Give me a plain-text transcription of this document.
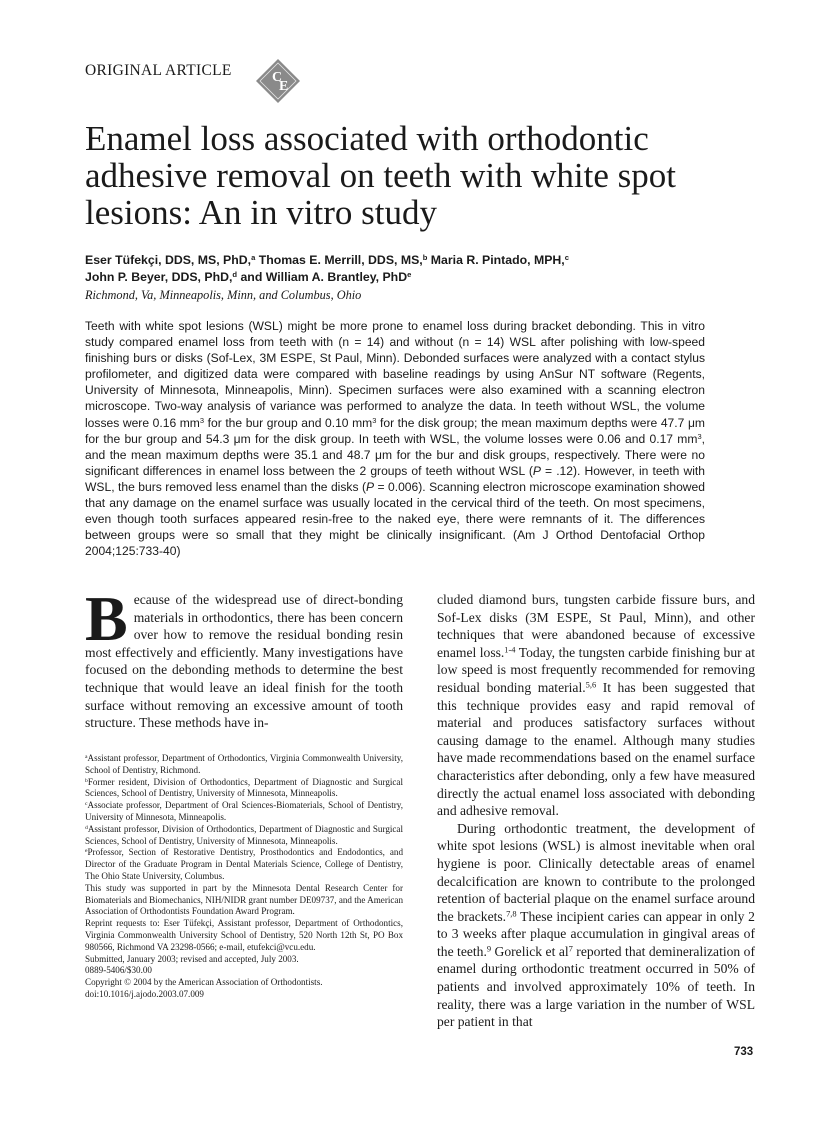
ORIGINAL ARTICLE	C
E
Enamel loss associated with orthodontic adhesive removal on teeth with white spot lesions: An in vitro study
Eser Tüfekçi, DDS, MS, PhD,$^a$ Thomas E. Merrill, DDS, MS,$^b$ Maria R. Pintado, MPH,$^c$
John P. Beyer, DDS, PhD,$^d$ and William A. Brantley, PhD$^e$
Richmond, Va, Minneapolis, Minn, and Columbus, Ohio

Teeth with white spot lesions (WSL) might be more prone to enamel loss during bracket debonding. This in vitro study compared enamel loss from teeth with (n = 14) and without (n = 14) WSL after polishing with low-speed finishing burs or disks (Sof-Lex, 3M ESPE, St Paul, Minn). Debonded surfaces were analyzed with a contact stylus profilometer, and digitized data were compared with baseline readings by using AnSur NT software (Regents, University of Minnesota, Minneapolis, Minn). Specimen surfaces were also examined with a scanning electron microscope. Two-way analysis of variance was performed to analyze the data. In teeth without WSL, the volume losses were 0.16 $mm^3$ for the bur group and 0.10 $mm^3$ for the disk group; the mean maximum depths were 47.7 μm for the bur group and 54.3 μm for the disk group. In teeth with WSL, the volume losses were 0.06 and 0.17 $mm^3$, and the mean maximum depths were 35.1 and 48.7 μm for the bur and disk groups, respectively. There were no significant differences in enamel loss between the 2 groups of teeth without WSL (P = .12). However, in teeth with WSL, the burs removed less enamel than the disks (P = 0.006). Scanning electron microscope examination showed that any damage on the enamel surface was usually located in the cervical third of the teeth. On most specimens, even though tooth surfaces appeared resin-free to the naked eye, there were remnants of it. The differences between groups were so small that they might be clinically insignificant. (Am J Orthod Dentofacial Orthop 2004;125:733-40)

Because of the widespread use of direct-bonding materials in orthodontics, there has been concern over how to remove the residual bonding resin most effectively and efficiently. Many investigations have focused on the debonding methods to determine the best technique that would leave an ideal finish for the tooth surface without removing an excessive amount of tooth structure. These methods have in-

$^a$Assistant professor, Department of Orthodontics, Virginia Commonwealth University, School of Dentistry, Richmond.
$^b$Former resident, Division of Orthodontics, Department of Diagnostic and Surgical Sciences, School of Dentistry, University of Minnesota, Minneapolis.
$^c$Associate professor, Department of Oral Sciences-Biomaterials, School of Dentistry, University of Minnesota, Minneapolis.
$^d$Assistant professor, Division of Orthodontics, Department of Diagnostic and Surgical Sciences, School of Dentistry, University of Minnesota, Minneapolis.
$^e$Professor, Section of Restorative Dentistry, Prosthodontics and Endodontics, and Director of the Graduate Program in Dental Materials Science, College of Dentistry, The Ohio State University, Columbus.
This study was supported in part by the Minnesota Dental Research Center for Biomaterials and Biomechanics, NIH/NIDR grant number DE09737, and the American Association of Orthodontists Foundation Award Program.
Reprint requests to: Eser Tüfekçi, Assistant professor, Department of Orthodontics, Virginia Commonwealth University School of Dentistry, 520 North 12th St, PO Box 980566, Richmond VA 23298-0566; e-mail, etufekci@vcu.edu.
Submitted, January 2003; revised and accepted, July 2003.
0889-5406/$30.00
Copyright © 2004 by the American Association of Orthodontists.
doi:10.1016/j.ajodo.2003.07.009

cluded diamond burs, tungsten carbide fissure burs, and Sof-Lex disks (3M ESPE, St Paul, Minn), and other techniques that were abandoned because of excessive enamel loss.$^{1-4}$ Today, the tungsten carbide finishing bur at low speed is most frequently recommended for removing residual bonding material.$^{5,6}$ It has been suggested that this technique provides easy and rapid removal of material and produces satisfactory surfaces without causing damage to the enamel. Although many studies have made recommendations based on the enamel surface characteristics after debonding, only a few have measured directly the actual enamel loss associated with debonding and adhesive removal.

During orthodontic treatment, the development of white spot lesions (WSL) is almost inevitable when oral hygiene is poor. Clinically detectable areas of enamel decalcification are known to contribute to the prolonged retention of bacterial plaque on the enamel surface around the brackets.$^{7,8}$ These incipient caries can appear in only 2 to 3 weeks after plaque accumulation in gingival areas of the teeth.$^9$ Gorelick et $al^7$ reported that demineralization of enamel during orthodontic treatment occurred in 50% of patients and involved approximately 10% of teeth. In reality, there was a large variation in the number of WSL per patient in that

733
